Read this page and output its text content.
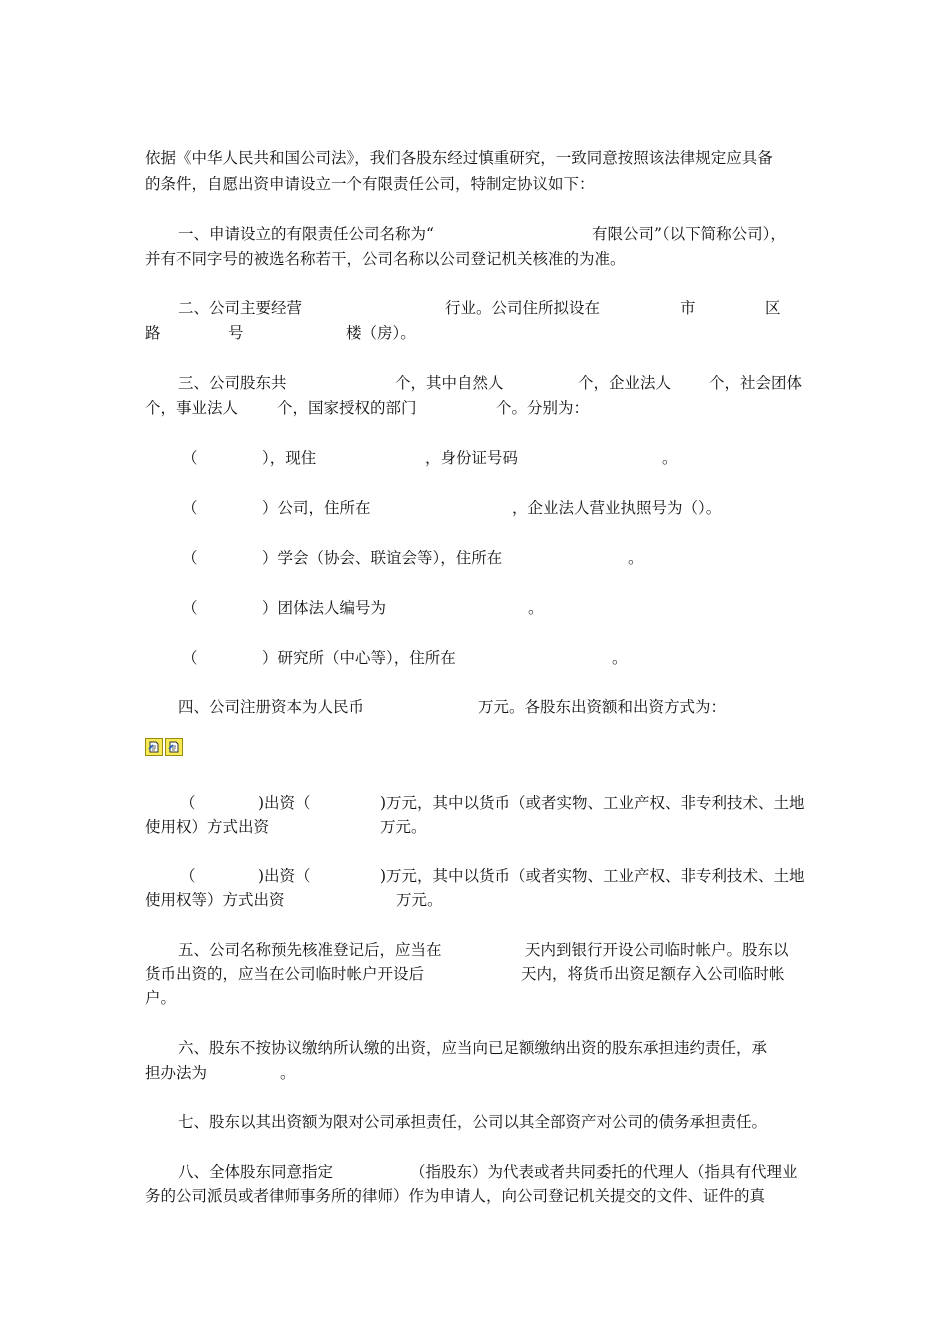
依据《中华人民共和国公司法》，我们各股东经过慎重研究，一致同意按照该法律规定应具备
的条件，自愿出资申请设立一个有限责任公司，特制定协议如下：
一、申请设立的有限责任公司名称为“	有限公司”（以下简称公司），
并有不同字号的被选名称若干，公司名称以公司登记机关核准的为准。
二、公司主要经营	行业。公司住所拟设在	市	区
路	号	楼（房）。
三、公司股东共	个，其中自然人	个，企业法人 个，社会团体
个，事业法人	个，国家授权的部门	个。分别为：
（	），现住	，身份证号码	。
（	）公司，住所在	，企业法人营业执照号为（）。
（	）学会（协会、联谊会等），住所在	。
（	）团体法人编号为	。
（	）研究所（中心等），住所在	。
四、公司注册资本为人民币	万元。各股东出资额和出资方式为：
（	)出资（	)万元，其中以货币（或者实物、工业产权、非专利技术、土地
使用权）方式出资	万元。
（	)出资（	)万元，其中以货币（或者实物、工业产权、非专利技术、土地
使用权等）方式出资	万元。
五、公司名称预先核准登记后，应当在	天内到银行开设公司临时帐户。股东以
货币出资的，应当在公司临时帐户开设后	天内，将货币出资足额存入公司临时帐
户。
六、股东不按协议缴纳所认缴的出资，应当向已足额缴纳出资的股东承担违约责任，承
担办法为	。
七、股东以其出资额为限对公司承担责任，公司以其全部资产对公司的债务承担责任。
八、全体股东同意指定	（指股东）为代表或者共同委托的代理人（指具有代理业
务的公司派员或者律师事务所的律师）作为申请人，向公司登记机关提交的文件、证件的真
